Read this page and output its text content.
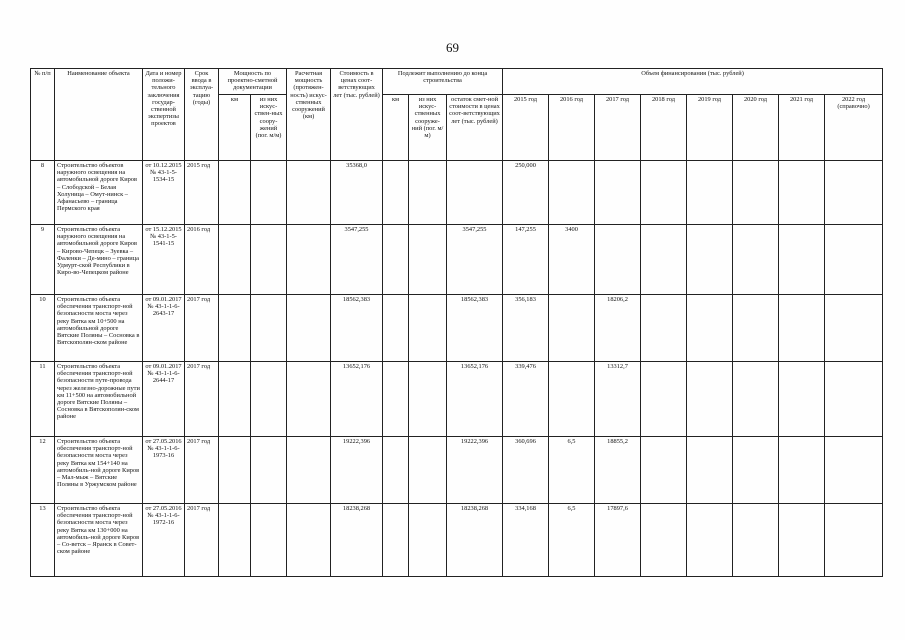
69
№ п/п	Наименование объекта	Дата и номер положи-тельного заключения государ-ственной экспертизы проектов	Срок ввода в эксплуа-тацию (годы)	Мощность по проектно-сметной документации		Расчетная мощность (протяжен-ность) искус-ственных сооружений (км)	Стоимость в ценах соот-ветствующих лет (тыс. рублей)	Подлежит выполнению до конца строительства			Объем финансирования (тыс. рублей)							
				км	из них искус-ствен-ных соору-жений (пог. м/м)			км	из них искус-ственных сооруже-ний (пог. м/м)	остаток смет-ной стоимости в ценах соот-ветствующих лет (тыс. рублей)	2015 год	2016 год	2017 год	2018 год	2019 год	2020 год	2021 год	2022 год (справочно)
8	Строительство объектов наружного освещения на автомобильной дороге Киров – Слободской – Белая Холуница – Омут-нинск – Афанасьево – граница Пермского края	от 10.12.2015 № 43-1-5-1534-15	2015 год				35368,0				250,000							
9	Строительство объекта наружного освещения на автомобильной дороге Киров – Кирово-Чепецк – Зуевка – Фаленки – Де-мино – граница Удмурт-ской Республики в Киро-во-Чепецком районе	от 15.12.2015 № 43-1-5-1541-15	2016 год				3547,255			3547,255	147,255	3400						
10	Строительство объекта обеспечения транспорт-ной безопасности моста через реку Вятка км 10+500 на автомобильной дороге Вятские Поляны – Сосновка в Вятскополян-ском районе	от 09.01.2017 № 43-1-1-6-2643-17	2017 год				18562,383			18562,383	356,183		18206,2					
11	Строительство объекта обеспечения транспорт-ной безопасности путе-провода через железно-дорожные пути км 11+500 на автомобильной дороге Вятские Поляны – Сосновка в Вятскополян-ском районе	от 09.01.2017 № 43-1-1-6-2644-17	2017 год				13652,176			13652,176	339,476		13312,7					
12	Строительство объекта обеспечения транспорт-ной безопасности моста через реку Вятка км 154+140 на автомобиль-ной дороге Киров – Мал-мыж – Вятские Поляны в Уржумском районе	от 27.05.2016 № 43-1-1-6-1973-16	2017 год				19222,396			19222,396	360,696	6,5	18855,2					
13	Строительство объекта обеспечения транспорт-ной безопасности моста через реку Вятка км 130+000 на автомобиль-ной дороге Киров – Со-ветск – Яранск в Совет-ском районе	от 27.05.2016 № 43-1-1-6-1972-16	2017 год				18238,268			18238,268	334,168	6,5	17897,6					
